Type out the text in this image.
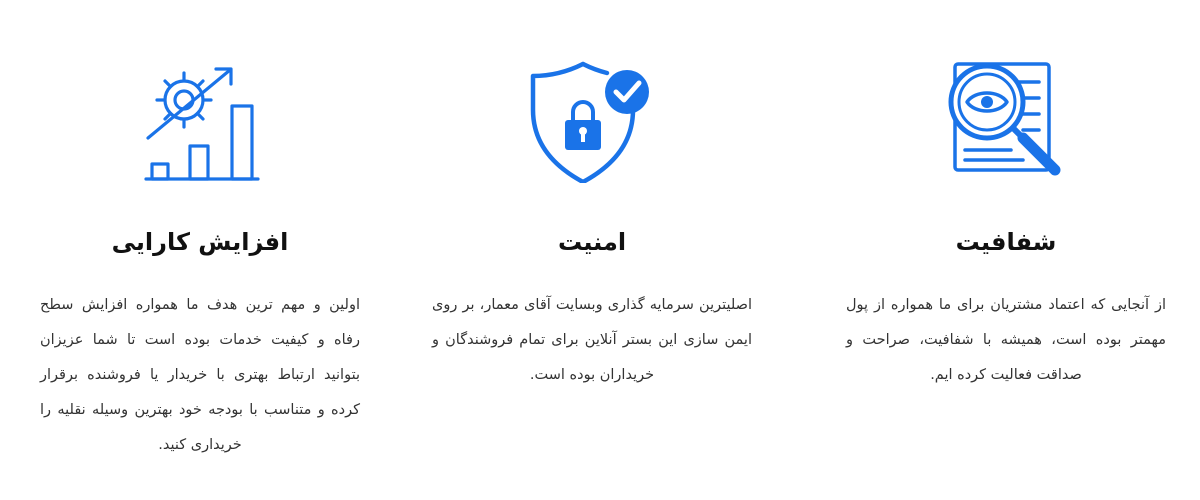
افزایش کارایی

اولین و مهم ترین هدف ما همواره افزایش سطح رفاه و کیفیت خدمات بوده است تا شما عزیزان بتوانید ارتباط بهتری با خریدار یا فروشنده برقرار کرده و متناسب با بودجه خود بهترین وسیله نقلیه را خریداری کنید.

امنیت

اصلیترین سرمایه گذاری وبسایت آقای معمار، بر روی ایمن سازی این بستر آنلاین برای تمام فروشندگان و خریداران بوده است.

شفافیت

از آنجایی که اعتماد مشتریان برای ما همواره از پول مهمتر بوده است، همیشه با شفافیت، صراحت و صداقت فعالیت کرده ایم.
